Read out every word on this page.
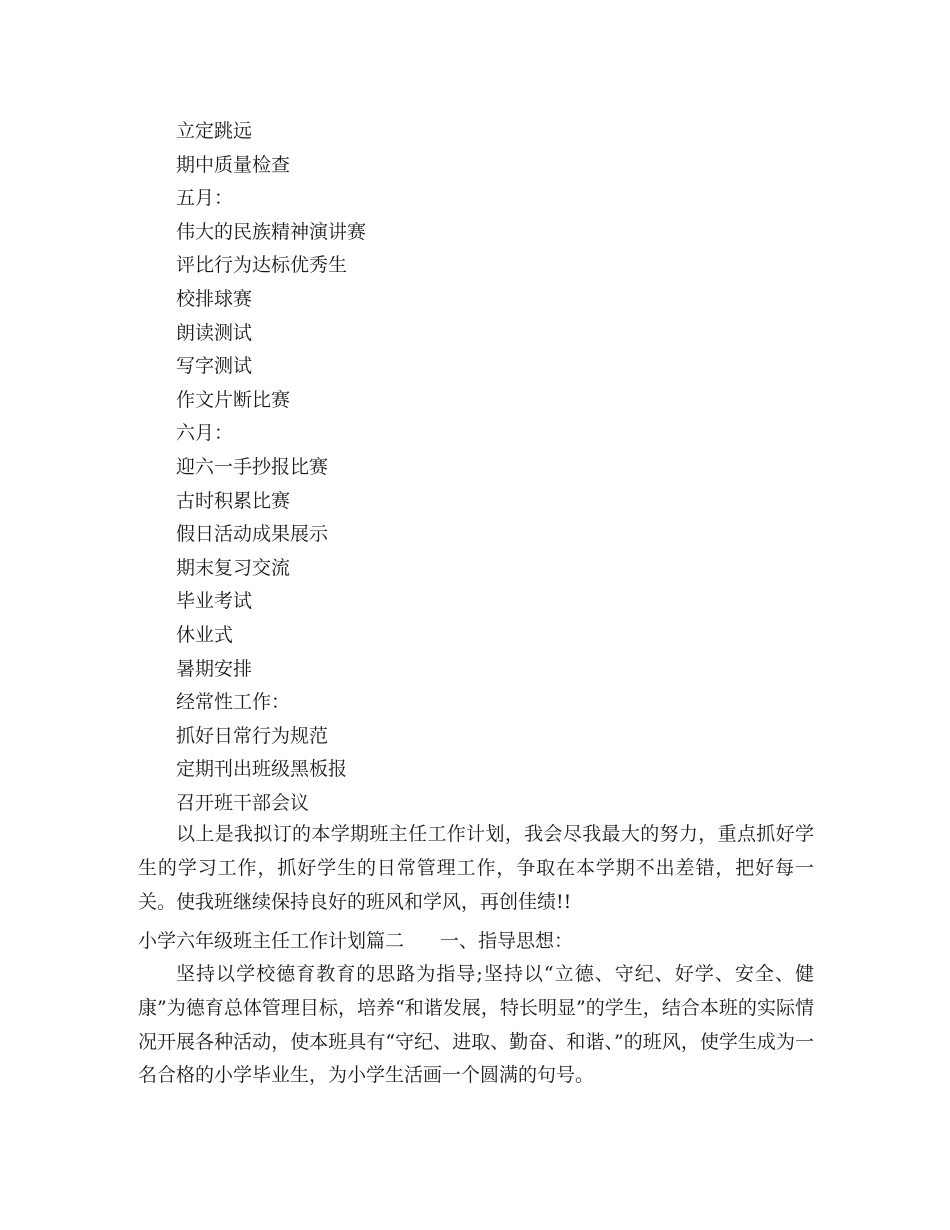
立定跳远
期中质量检查
五月：
伟大的民族精神演讲赛
评比行为达标优秀生
校排球赛
朗读测试
写字测试
作文片断比赛
六月：
迎六一手抄报比赛
古时积累比赛
假日活动成果展示
期末复习交流
毕业考试
休业式
暑期安排
经常性工作：
抓好日常行为规范
定期刊出班级黑板报
召开班干部会议

以上是我拟订的本学期班主任工作计划，我会尽我最大的努力，重点抓好学生的学习工作，抓好学生的日常管理工作，争取在本学期不出差错，把好每一关。使我班继续保持良好的班风和学风，再创佳绩!!

小学六年级班主任工作计划篇二 一、指导思想：

坚持以学校德育教育的思路为指导;坚持以“立德、守纪、好学、安全、健康”为德育总体管理目标，培养“和谐发展，特长明显”的学生，结合本班的实际情况开展各种活动，使本班具有“守纪、进取、勤奋、和谐、”的班风，使学生成为一名合格的小学毕业生，为小学生活画一个圆满的句号。
